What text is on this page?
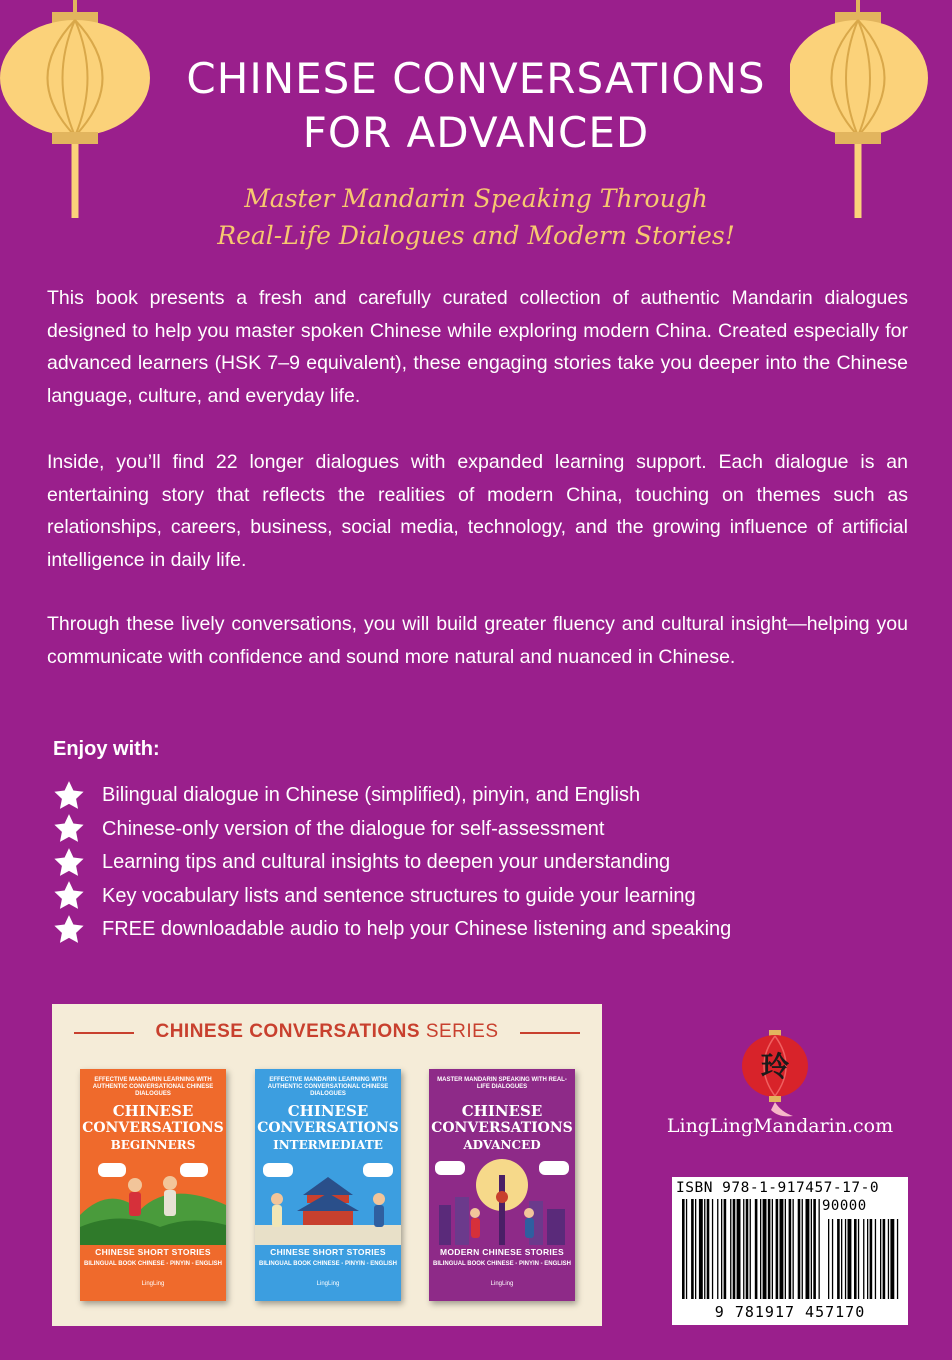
CHINESE CONVERSATIONS
FOR ADVANCED
Master Mandarin Speaking Through
Real-Life Dialogues and Modern Stories!
This book presents a fresh and carefully curated collection of authentic Mandarin dialogues designed to help you master spoken Chinese while exploring modern China. Created especially for advanced learners (HSK 7–9 equivalent), these engaging stories take you deeper into the Chinese language, culture, and everyday life.
Inside, you’ll find 22 longer dialogues with expanded learning support. Each dialogue is an entertaining story that reflects the realities of modern China, touching on themes such as relationships, careers, business, social media, technology, and the growing influence of artificial intelligence in daily life.
Through these lively conversations, you will build greater fluency and cultural insight—helping you communicate with confidence and sound more natural and nuanced in Chinese.
Enjoy with:
Bilingual dialogue in Chinese (simplified), pinyin, and English
Chinese-only version of the dialogue for self-assessment
Learning tips and cultural insights to deepen your understanding
Key vocabulary lists and sentence structures to guide your learning
FREE downloadable audio to help your Chinese listening and speaking
CHINESE CONVERSATIONS SERIES
EFFECTIVE MANDARIN LEARNING WITH AUTHENTIC CONVERSATIONAL CHINESE DIALOGUES
CHINESE
CONVERSATIONS
BEGINNERS
CHINESE SHORT STORIES
BILINGUAL BOOK CHINESE - PINYIN - ENGLISH
LingLing
EFFECTIVE MANDARIN LEARNING WITH AUTHENTIC CONVERSATIONAL CHINESE DIALOGUES
CHINESE
CONVERSATIONS
INTERMEDIATE
CHINESE SHORT STORIES
BILINGUAL BOOK CHINESE - PINYIN - ENGLISH
LingLing
MASTER MANDARIN SPEAKING WITH REAL-LIFE DIALOGUES
CHINESE
CONVERSATIONS
ADVANCED
MODERN CHINESE STORIES
BILINGUAL BOOK CHINESE - PINYIN - ENGLISH
LingLing
玲
LingLingMandarin.com
ISBN 978-1-917457-17-0
90000
9 781917 457170
